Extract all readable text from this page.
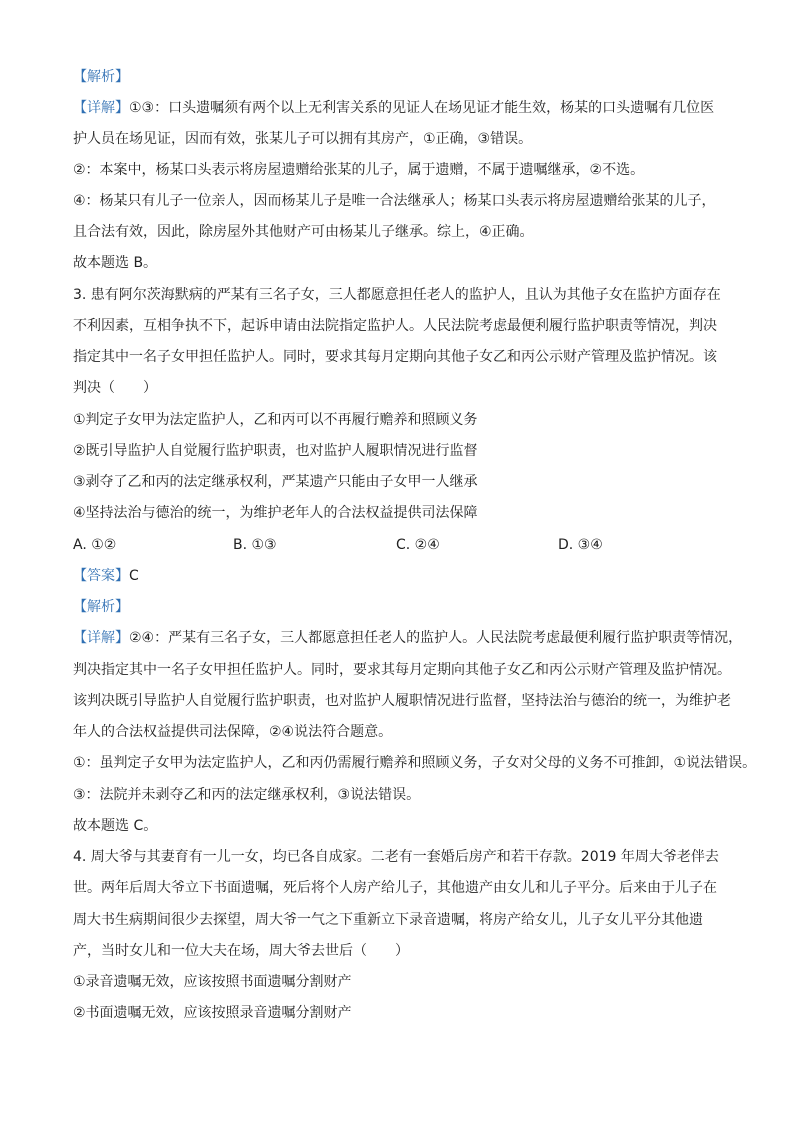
【解析】
【详解】①③：口头遗嘱须有两个以上无利害关系的见证人在场见证才能生效，杨某的口头遗嘱有几位医
护人员在场见证，因而有效，张某儿子可以拥有其房产，①正确，③错误。
②：本案中，杨某口头表示将房屋遗赠给张某的儿子，属于遗赠，不属于遗嘱继承，②不选。
④：杨某只有儿子一位亲人，因而杨某儿子是唯一合法继承人；杨某口头表示将房屋遗赠给张某的儿子，
且合法有效，因此，除房屋外其他财产可由杨某儿子继承。综上，④正确。
故本题选 B。
3. 患有阿尔茨海默病的严某有三名子女，三人都愿意担任老人的监护人，且认为其他子女在监护方面存在
不利因素，互相争执不下，起诉申请由法院指定监护人。人民法院考虑最便利履行监护职责等情况，判决
指定其中一名子女甲担任监护人。同时，要求其每月定期向其他子女乙和丙公示财产管理及监护情况。该
判决（　　）
①判定子女甲为法定监护人，乙和丙可以不再履行赡养和照顾义务
②既引导监护人自觉履行监护职责，也对监护人履职情况进行监督
③剥夺了乙和丙的法定继承权利，严某遗产只能由子女甲一人继承
④坚持法治与德治的统一，为维护老年人的合法权益提供司法保障
A. ①②	B. ①③	C. ②④	D. ③④
【答案】C
【解析】
【详解】②④：严某有三名子女，三人都愿意担任老人的监护人。人民法院考虑最便利履行监护职责等情况，
判决指定其中一名子女甲担任监护人。同时，要求其每月定期向其他子女乙和丙公示财产管理及监护情况。
该判决既引导监护人自觉履行监护职责，也对监护人履职情况进行监督，坚持法治与德治的统一，为维护老
年人的合法权益提供司法保障，②④说法符合题意。
①：虽判定子女甲为法定监护人，乙和丙仍需履行赡养和照顾义务，子女对父母的义务不可推卸，①说法错误。
③：法院并未剥夺乙和丙的法定继承权利，③说法错误。
故本题选 C。
4. 周大爷与其妻育有一儿一女，均已各自成家。二老有一套婚后房产和若干存款。2019 年周大爷老伴去
世。两年后周大爷立下书面遗嘱，死后将个人房产给儿子，其他遗产由女儿和儿子平分。后来由于儿子在
周大书生病期间很少去探望，周大爷一气之下重新立下录音遗嘱，将房产给女儿，儿子女儿平分其他遗
产，当时女儿和一位大夫在场，周大爷去世后（　　）
①录音遗嘱无效，应该按照书面遗嘱分割财产
②书面遗嘱无效，应该按照录音遗嘱分割财产
